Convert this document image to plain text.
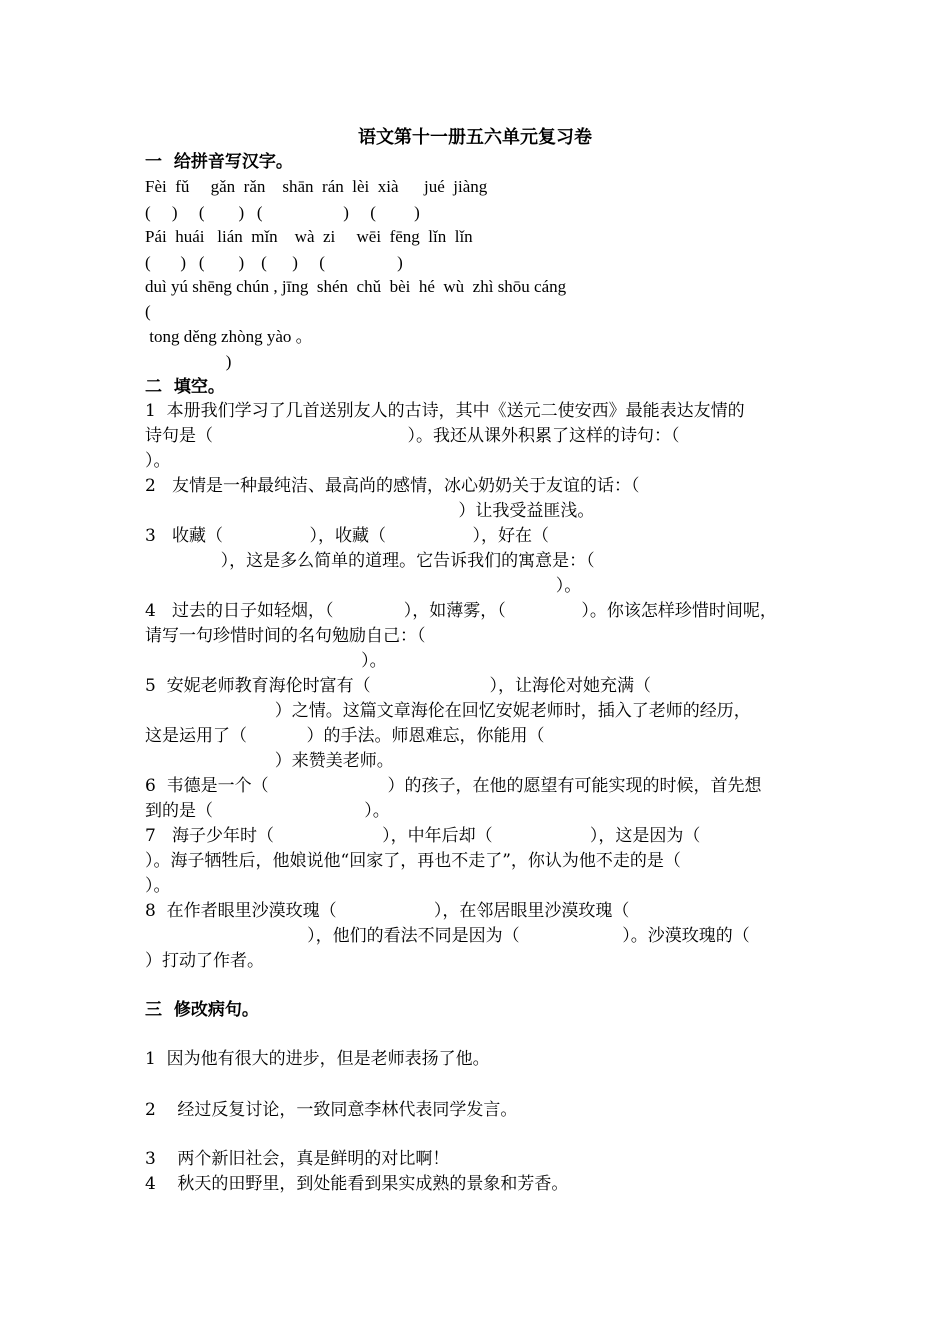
语文第十一册五六单元复习卷
一  给拼音写汉字。
Fèi  fǔ     gǎn  rǎn    shān  rán  lèi  xià      jué  jiàng
(     )     (        )   (                   )     (         )
Pái  huái   lián  mǐn    wà  zi     wēi  fēng  lǐn  lǐn
(       )   (        )    (      )     (                 )
duì yú shēng chún , jīng  shén  chǔ  bèi  hé  wù  zhì shōu cáng
(
tong děng zhòng yào 。
)
二  填空。
1  本册我们学习了几首送别友人的古诗，其中《送元二使安西》最能表达友情的
诗句是（                                    ）。我还从课外积累了这样的诗句：（
）。
2   友情是一种最纯洁、最高尚的感情，冰心奶奶关于友谊的话：（
）让我受益匪浅。
3   收藏（                ），收藏（                ），好在（
），这是多么简单的道理。它告诉我们的寓意是：（
）。
4   过去的日子如轻烟，（             ），如薄雾，（              ）。你该怎样珍惜时间呢，
请写一句珍惜时间的名句勉励自己：（
）。
5  安妮老师教育海伦时富有（                      ），让海伦对她充满（
）之情。这篇文章海伦在回忆安妮老师时，插入了老师的经历，
这是运用了（           ）的手法。师恩难忘，你能用（
）来赞美老师。
6  韦德是一个（                      ）的孩子，在他的愿望有可能实现的时候，首先想
到的是（                            ）。
7   海子少年时（                    ），中年后却（                  ），这是因为（
）。海子牺牲后，他娘说他“回家了，再也不走了”，你认为他不走的是（
）。
8  在作者眼里沙漠玫瑰（                  ），在邻居眼里沙漠玫瑰（
），他们的看法不同是因为（                   ）。沙漠玫瑰的（
）打动了作者。
三  修改病句。
1  因为他有很大的进步，但是老师表扬了他。
2    经过反复讨论，一致同意李林代表同学发言。
3    两个新旧社会，真是鲜明的对比啊！
4    秋天的田野里，到处能看到果实成熟的景象和芳香。
